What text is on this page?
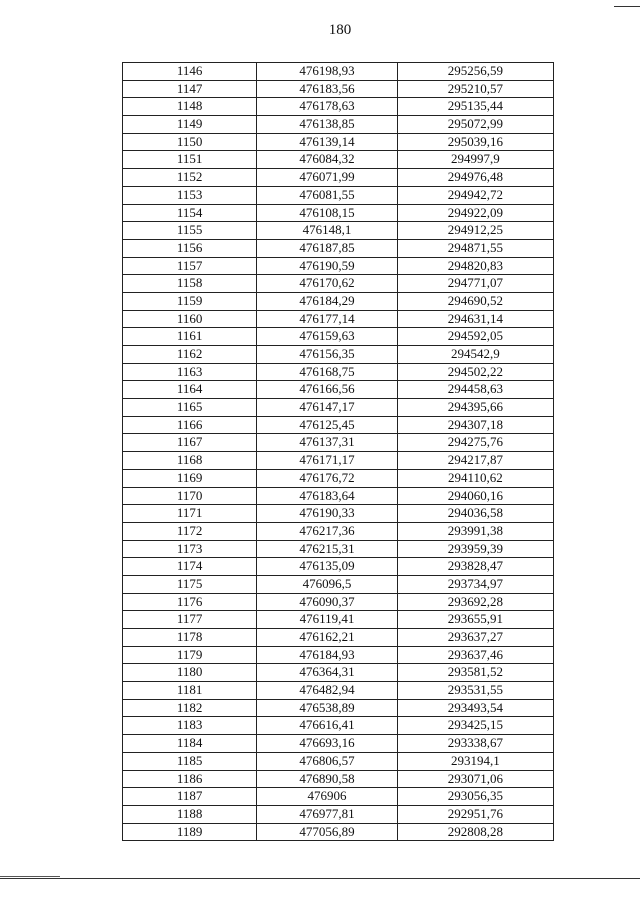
180
1146	476198,93	295256,59
1147	476183,56	295210,57
1148	476178,63	295135,44
1149	476138,85	295072,99
1150	476139,14	295039,16
1151	476084,32	294997,9
1152	476071,99	294976,48
1153	476081,55	294942,72
1154	476108,15	294922,09
1155	476148,1	294912,25
1156	476187,85	294871,55
1157	476190,59	294820,83
1158	476170,62	294771,07
1159	476184,29	294690,52
1160	476177,14	294631,14
1161	476159,63	294592,05
1162	476156,35	294542,9
1163	476168,75	294502,22
1164	476166,56	294458,63
1165	476147,17	294395,66
1166	476125,45	294307,18
1167	476137,31	294275,76
1168	476171,17	294217,87
1169	476176,72	294110,62
1170	476183,64	294060,16
1171	476190,33	294036,58
1172	476217,36	293991,38
1173	476215,31	293959,39
1174	476135,09	293828,47
1175	476096,5	293734,97
1176	476090,37	293692,28
1177	476119,41	293655,91
1178	476162,21	293637,27
1179	476184,93	293637,46
1180	476364,31	293581,52
1181	476482,94	293531,55
1182	476538,89	293493,54
1183	476616,41	293425,15
1184	476693,16	293338,67
1185	476806,57	293194,1
1186	476890,58	293071,06
1187	476906	293056,35
1188	476977,81	292951,76
1189	477056,89	292808,28
